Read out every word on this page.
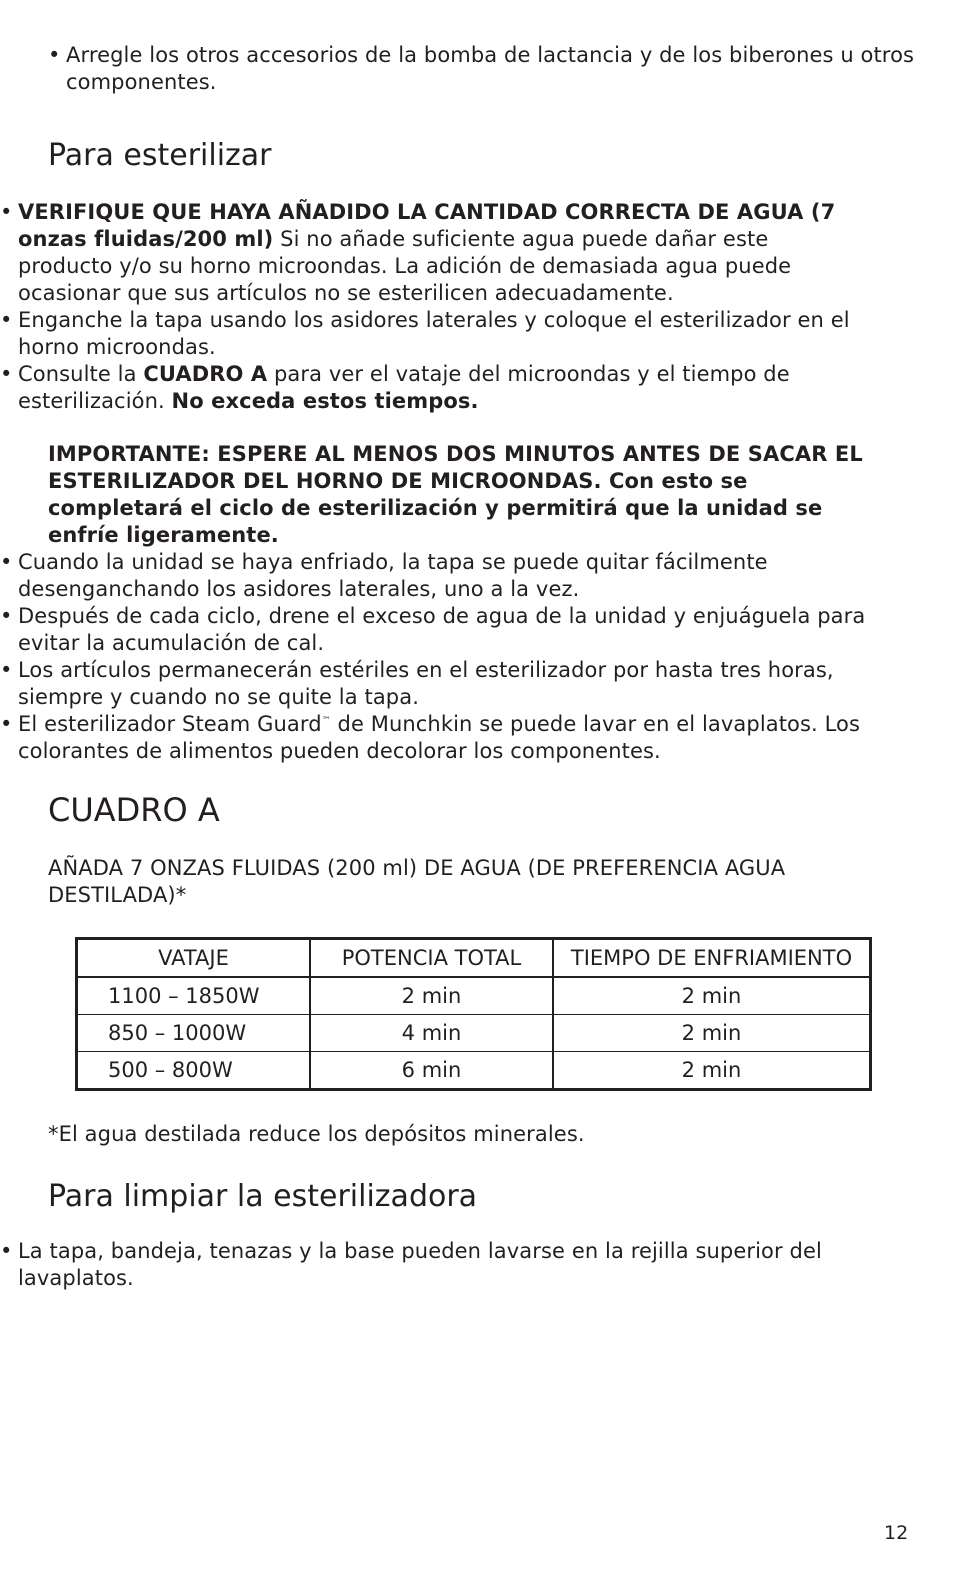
• Arregle los otros accesorios de la bomba de lactancia y de los biberones u otros componentes.

Para esterilizar

• VERIFIQUE QUE HAYA AÑADIDO LA CANTIDAD CORRECTA DE AGUA (7 onzas fluidas/200 ml) Si no añade suficiente agua puede dañar este producto y/o su horno microondas. La adición de demasiada agua puede ocasionar que sus artículos no se esterilicen adecuadamente.

• Enganche la tapa usando los asidores laterales y coloque el esterilizador en el horno microondas.

• Consulte la CUADRO A para ver el vataje del microondas y el tiempo de esterilización. No exceda estos tiempos.

IMPORTANTE: ESPERE AL MENOS DOS MINUTOS ANTES DE SACAR EL ESTERILIZADOR DEL HORNO DE MICROONDAS. Con esto se completará el ciclo de esterilización y permitirá que la unidad se enfríe ligeramente.

• Cuando la unidad se haya enfriado, la tapa se puede quitar fácilmente desenganchando los asidores laterales, uno a la vez.

• Después de cada ciclo, drene el exceso de agua de la unidad y enjuáguela para evitar la acumulación de cal.

• Los artículos permanecerán estériles en el esterilizador por hasta tres horas, siempre y cuando no se quite la tapa.

• El esterilizador Steam Guard™ de Munchkin se puede lavar en el lavaplatos. Los colorantes de alimentos pueden decolorar los componentes.

CUADRO A
AÑADA 7 ONZAS FLUIDAS (200 ml) DE AGUA (DE PREFERENCIA AGUA DESTILADA)*
VATAJE	POTENCIA TOTAL	TIEMPO DE ENFRIAMIENTO
1100 – 1850W	2 min	2 min
850 – 1000W	4 min	2 min
500 – 800W	6 min	2 min
*El agua destilada reduce los depósitos minerales.
Para limpiar la esterilizadora

• La tapa, bandeja, tenazas y la base pueden lavarse en la rejilla superior del lavaplatos.

12
